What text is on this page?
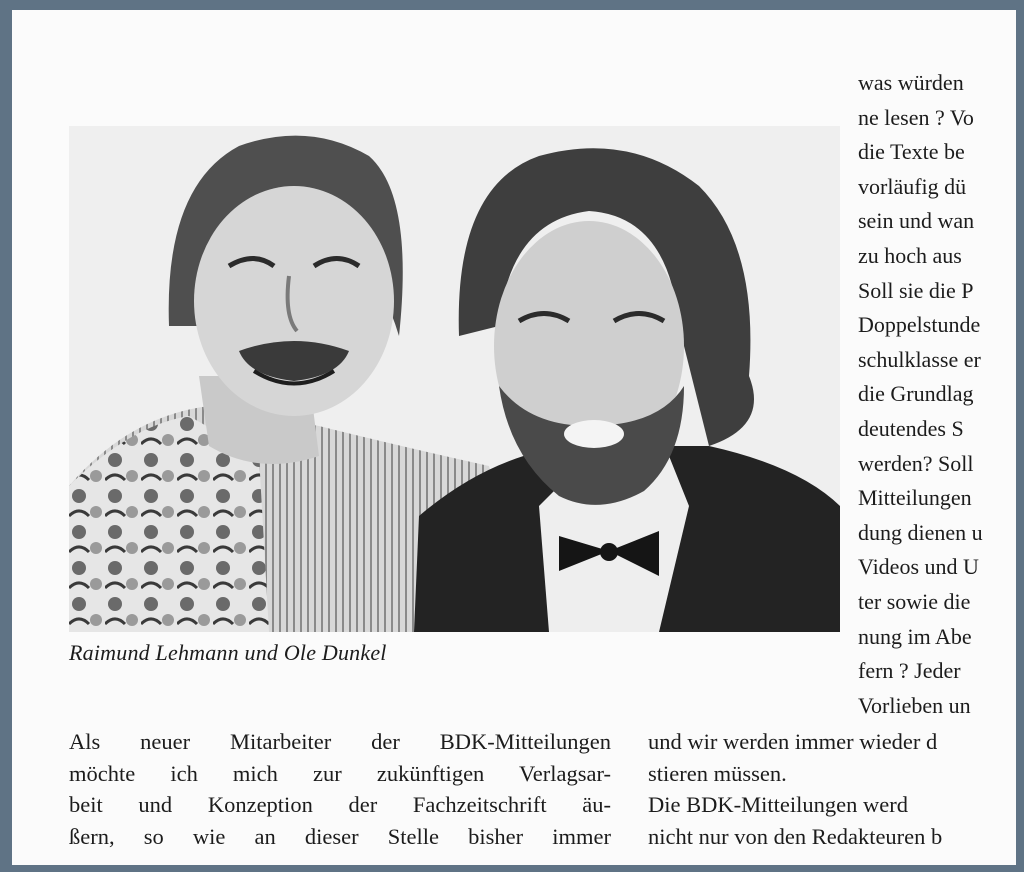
was würden
ne lesen ? Vo
die Texte be
vorläufig dü
sein und wan
zu hoch aus
Soll sie die P
Doppelstunde
schulklasse er
die Grundlag
deutendes S
werden? Soll
Mitteilungen
dung dienen u
Videos und U
ter sowie die
nung im Abe
fern ? Jeder
Vorlieben un
Raimund Lehmann und Ole Dunkel
Als neuer Mitarbeiter der BDK-Mitteilungen
möchte ich mich zur zukünftigen Verlagsar-
beit und Konzeption der Fachzeitschrift äu-
ßern, so wie an dieser Stelle bisher immer
und wir werden immer wieder d
stieren müssen.
Die BDK-Mitteilungen werd
nicht nur von den Redakteuren b
